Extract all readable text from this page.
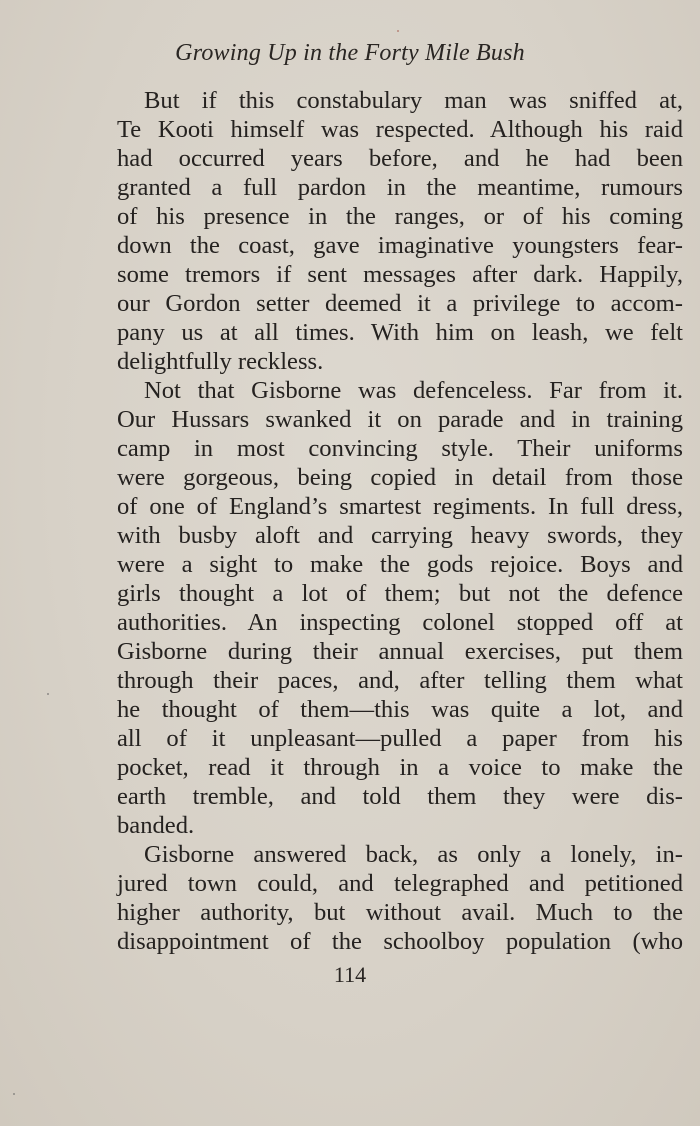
Growing Up in the Forty Mile Bush

But if this constabulary man was sniffed at,
Te Kooti himself was respected. Although his raid
had occurred years before, and he had been
granted a full pardon in the meantime, rumours
of his presence in the ranges, or of his coming
down the coast, gave imaginative youngsters fear-
some tremors if sent messages after dark. Happily,
our Gordon setter deemed it a privilege to accom-
pany us at all times. With him on leash, we felt
delightfully reckless.

Not that Gisborne was defenceless. Far from it.
Our Hussars swanked it on parade and in training
camp in most convincing style. Their uniforms
were gorgeous, being copied in detail from those
of one of England’s smartest regiments. In full dress,
with busby aloft and carrying heavy swords, they
were a sight to make the gods rejoice. Boys and
girls thought a lot of them; but not the defence
authorities. An inspecting colonel stopped off at
Gisborne during their annual exercises, put them
through their paces, and, after telling them what
he thought of them—this was quite a lot, and
all of it unpleasant—pulled a paper from his
pocket, read it through in a voice to make the
earth tremble, and told them they were dis-
banded.

Gisborne answered back, as only a lonely, in-
jured town could, and telegraphed and petitioned
higher authority, but without avail. Much to the
disappointment of the schoolboy population (who

114
